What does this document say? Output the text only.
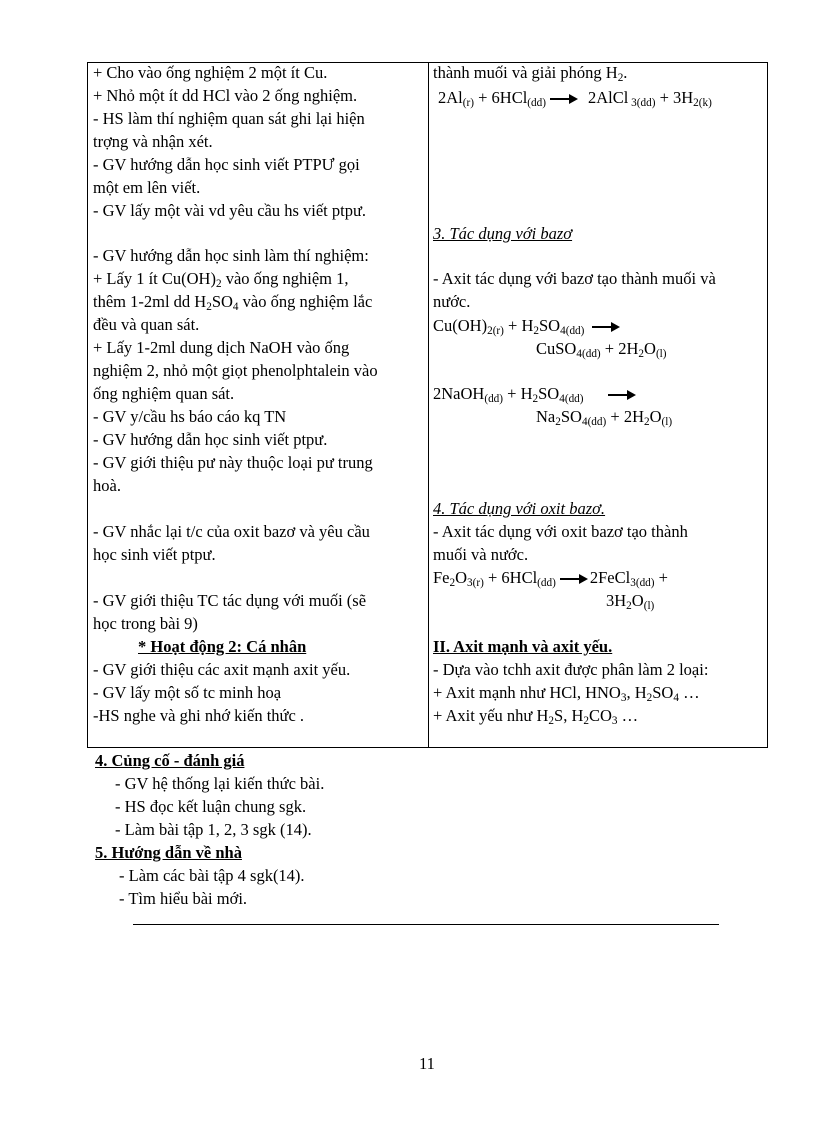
+ Cho vào ống nghiệm 2 một ít Cu.
+ Nhỏ một ít dd HCl vào 2 ống nghiệm.
- HS làm thí nghiệm quan sát ghi lại hiện
trợng và nhận xét.
- GV hướng dẫn học sinh viết PTPƯ gọi
một em lên viết.
- GV lấy một vài vd yêu cầu hs viết ptpư.
- GV hướng dẫn học sinh làm thí nghiệm:
+ Lấy 1 ít $Cu(OH)_2$ vào ống nghiệm 1,
thêm 1-2ml dd $H_2SO_4$ vào ống nghiệm lắc
đều và quan sát.
+ Lấy 1-2ml dung dịch NaOH vào ống
nghiệm 2, nhỏ một giọt phenolphtalein vào
ống nghiệm quan sát.
- GV y/cầu hs báo cáo kq TN
- GV hướng dẫn học sinh viết ptpư.
- GV giới thiệu pư này thuộc loại pư trung
hoà.
- GV nhắc lại t/c của oxit bazơ và yêu cầu
học sinh viết ptpư.
- GV giới thiệu TC tác dụng với muối (sẽ
học trong bài 9)
* Hoạt động 2: Cá nhân
- GV giới thiệu các axit mạnh axit yếu.
- GV lấy một số tc minh hoạ
-HS nghe và ghi nhớ kiến thức .
thành muối và giải phóng $H_2$.
$2Al_{(r)} + 6HCl_{(dd)}$ → 2AlCl $_{3(dd)} + 3H_{2(k)}$
3. Tác dụng với bazơ
- Axit tác dụng với bazơ tạo thành muối và
nước.
$Cu(OH)_{2(r)} + H_2SO_{4(dd)}$ →
CuSO$_{4(dd)}$ + $2H_2O_{(l)}$
2NaOH$_{(dd)}$ + $H_2SO_{4(dd)}$ →
$Na_2SO_{4(dd)} + 2H_2O_{(l)}$
4. Tác dụng với oxit bazơ.
- Axit tác dụng với oxit bazơ tạo thành
muối và nước.
$Fe_2O_{3(r)} + 6HCl_{(dd)}$ → 2FeCl$_{3(dd)}$ +
$3H_2O_{(l)}$
II. Axit mạnh và axit yếu.
- Dựa vào tchh axit được phân làm 2 loại:
+ Axit mạnh như HCl, $HNO_3$, $H_2SO_4$ …
+ Axit yếu như $H_2S$, $H_2CO_3$ …
4. Củng cố - đánh giá
- GV hệ thống lại kiến thức bài.
- HS đọc kết luận chung sgk.
- Làm bài tập 1, 2, 3 sgk (14).
5. Hướng dẫn về nhà
- Làm các bài tập 4 sgk(14).
- Tìm hiểu bài mới.
11
